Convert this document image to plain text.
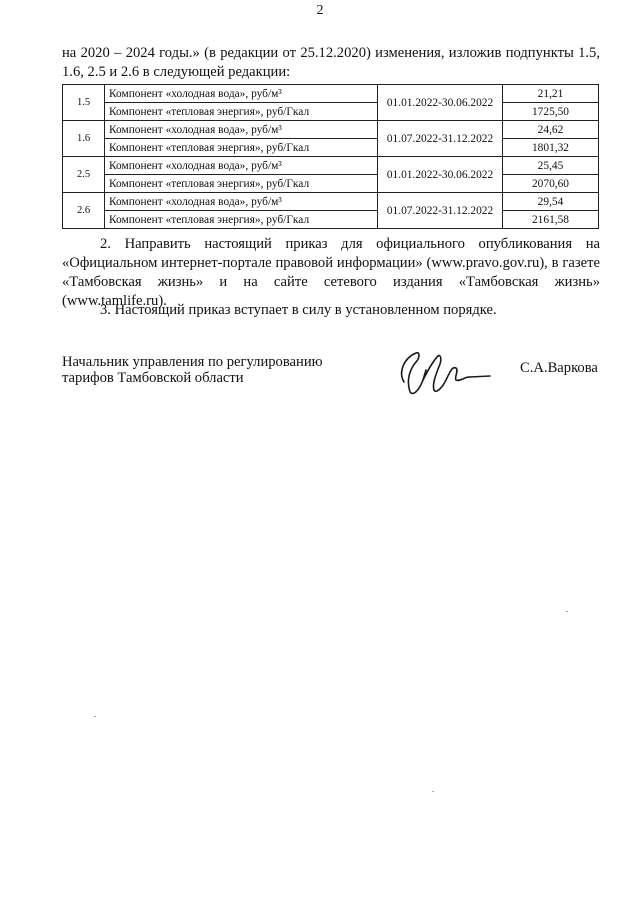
2

на 2020 – 2024 годы.» (в редакции от 25.12.2020) изменения, изложив подпункты 1.5, 1.6, 2.5 и 2.6 в следующей редакции:

1.5	Компонент «холодная вода», руб/м³	01.01.2022-30.06.2022	21,21
	Компонент «тепловая энергия», руб/Гкал		1725,50
1.6	Компонент «холодная вода», руб/м³	01.07.2022-31.12.2022	24,62
	Компонент «тепловая энергия», руб/Гкал		1801,32
2.5	Компонент «холодная вода», руб/м³	01.01.2022-30.06.2022	25,45
	Компонент «тепловая энергия», руб/Гкал		2070,60
2.6	Компонент «холодная вода», руб/м³	01.07.2022-31.12.2022	29,54
	Компонент «тепловая энергия», руб/Гкал		2161,58

2. Направить настоящий приказ для официального опубликования на «Официальном интернет-портале правовой информации» (www.pravo.gov.ru), в газете «Тамбовская жизнь» и на сайте сетевого издания «Тамбовская жизнь» (www.tamlife.ru).

3. Настоящий приказ вступает в силу в установленном порядке.

Начальник управления по регулированию
тарифов Тамбовской области
С.А.Варкова
